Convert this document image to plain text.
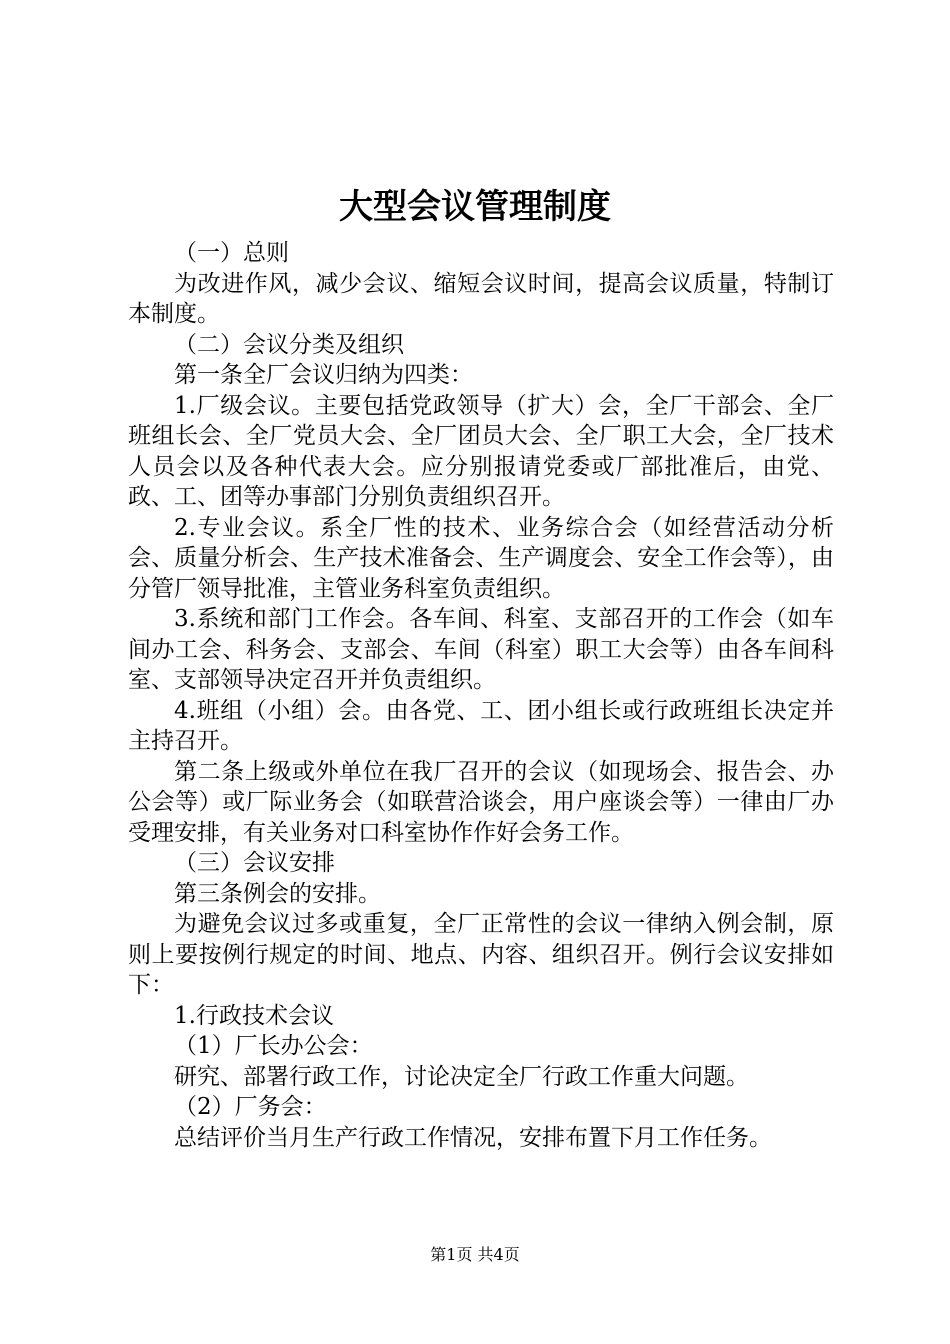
大型会议管理制度

（一）总则

为改进作风，减少会议、缩短会议时间，提高会议质量，特制订本制度。

（二）会议分类及组织

第一条全厂会议归纳为四类：

1.厂级会议。主要包括党政领导（扩大）会，全厂干部会、全厂班组长会、全厂党员大会、全厂团员大会、全厂职工大会，全厂技术人员会以及各种代表大会。应分别报请党委或厂部批准后，由党、政、工、团等办事部门分别负责组织召开。

2.专业会议。系全厂性的技术、业务综合会（如经营活动分析会、质量分析会、生产技术准备会、生产调度会、安全工作会等），由分管厂领导批准，主管业务科室负责组织。

3.系统和部门工作会。各车间、科室、支部召开的工作会（如车间办工会、科务会、支部会、车间（科室）职工大会等）由各车间科室、支部领导决定召开并负责组织。

4.班组（小组）会。由各党、工、团小组长或行政班组长决定并主持召开。

第二条上级或外单位在我厂召开的会议（如现场会、报告会、办公会等）或厂际业务会（如联营洽谈会，用户座谈会等）一律由厂办受理安排，有关业务对口科室协作作好会务工作。

（三）会议安排

第三条例会的安排。

为避免会议过多或重复，全厂正常性的会议一律纳入例会制，原则上要按例行规定的时间、地点、内容、组织召开。例行会议安排如下：

1.行政技术会议

（1）厂长办公会：

研究、部署行政工作，讨论决定全厂行政工作重大问题。

（2）厂务会：

总结评价当月生产行政工作情况，安排布置下月工作任务。

第1页 共4页
